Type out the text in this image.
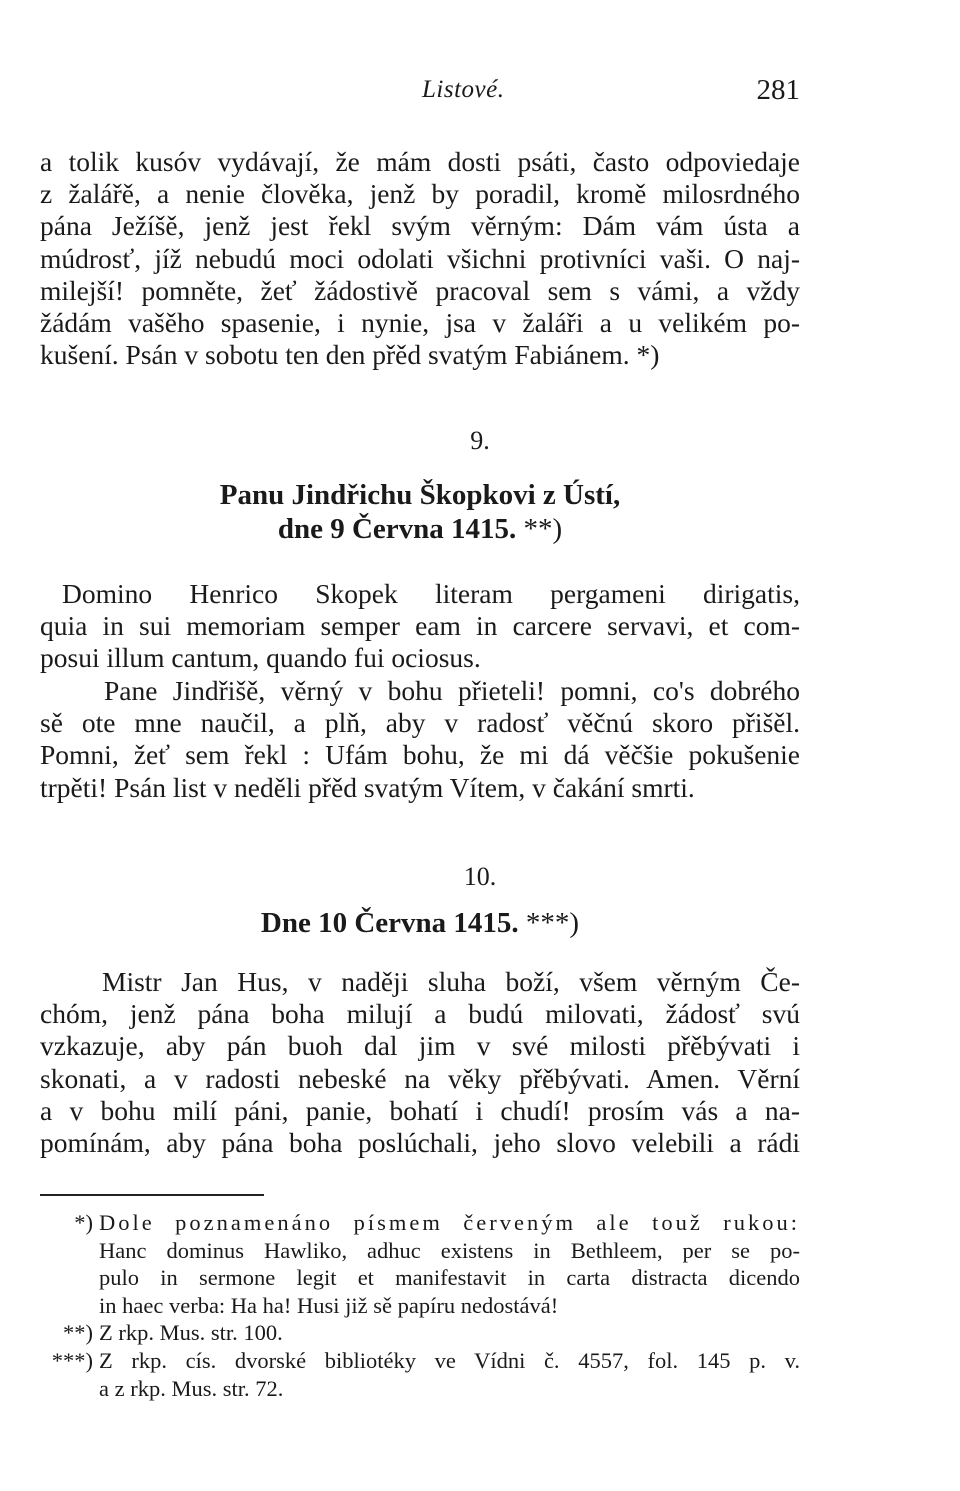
Listové.	281
a tolik kusóv vydávají, že mám dosti psáti, často odpoviedaje
z žalářě, a nenie člověka, jenž by poradil, kromě milosrdného
pána Ježíšě, jenž jest řekl svým věrným: Dám vám ústa a
múdrosť, jíž nebudú moci odolati všichni protivníci vaši. O naj-
milejší! pomněte, žeť žádostivě pracoval sem s vámi, a vždy
žádám vašěho spasenie, i nynie, jsa v žaláři a u velikém po-
kušení. Psán v sobotu ten den přěd svatým Fabiánem. *)
9.
Panu Jindřichu Škopkovi z Ústí,
dne 9 Června 1415. **)
Domino Henrico Skopek literam pergameni dirigatis,
quia in sui memoriam semper eam in carcere servavi, et com-
posui illum cantum, quando fui ociosus.
Pane Jindřišě, věrný v bohu přieteli! pomni, co's dobrého
sě ote mne naučil, a plň, aby v radosť věčnú skoro přišěl.
Pomni, žeť sem řekl : Ufám bohu, že mi dá věčšie pokušenie
trpěti! Psán list v neděli přěd svatým Vítem, v čakání smrti.
10.
Dne 10 Června 1415. ***)
Mistr Jan Hus, v naději sluha boží, všem věrným Če-
chóm, jenž pána boha milují a budú milovati, žádosť svú
vzkazuje, aby pán buoh dal jim v své milosti přěbývati i
skonati, a v radosti nebeské na věky přěbývati. Amen. Věrní
a v bohu milí páni, panie, bohatí i chudí! prosím vás a na-
pomínám, aby pána boha poslúchali, jeho slovo velebili a rádi
*) Dole poznamenáno písmem červeným ale touž rukou:
Hanc dominus Hawliko, adhuc existens in Bethleem, per se po-
pulo in sermone legit et manifestavit in carta distracta dicendo
in haec verba: Ha ha! Husi již sě papíru nedostává!
**) Z rkp. Mus. str. 100.
***) Z rkp. cís. dvorské bibliotéky ve Vídni č. 4557, fol. 145 p. v.
a z rkp. Mus. str. 72.
